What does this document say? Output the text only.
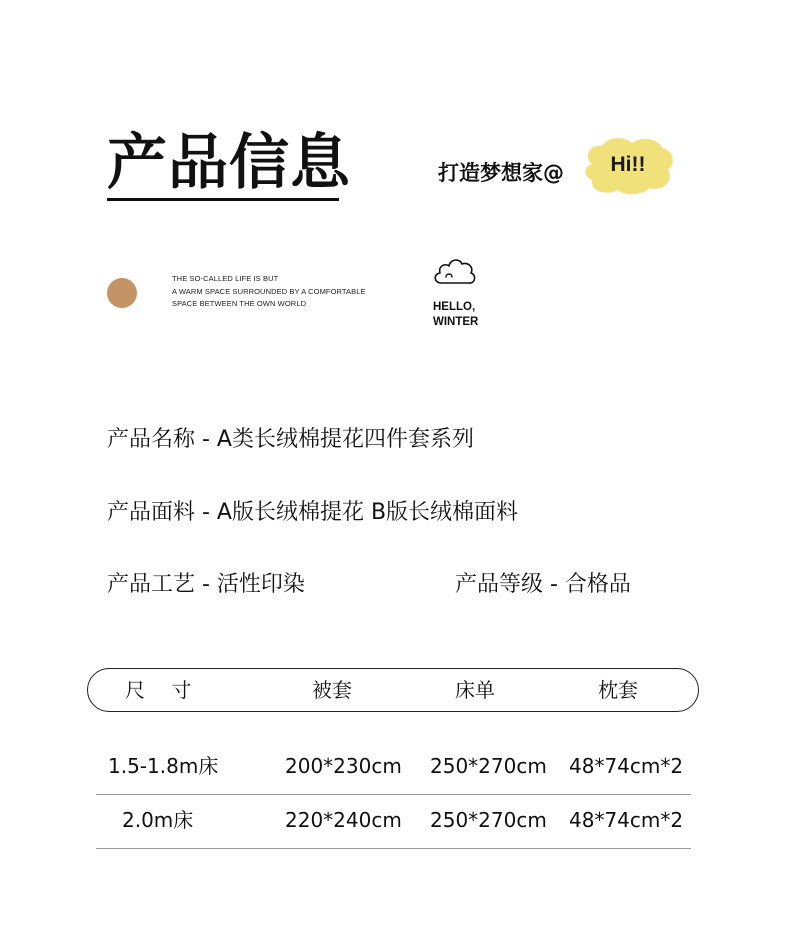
产品信息	打造梦想家@	Hi!!
THE SO-CALLED LIFE IS BUT
A WARM SPACE SURROUNDED BY A COMFORTABLE
SPACE BETWEEN THE OWN WORLD	HELLO,
WINTER
产品名称 - A类长绒棉提花四件套系列
产品面料 - A版长绒棉提花 B版长绒棉面料
产品工艺 - 活性印染	产品等级 - 合格品
尺　 寸	被套	床单	枕套
1.5-1.8m床	200*230cm 250*270cm 48*74cm*2
2.0m床	220*240cm 250*270cm 48*74cm*2
